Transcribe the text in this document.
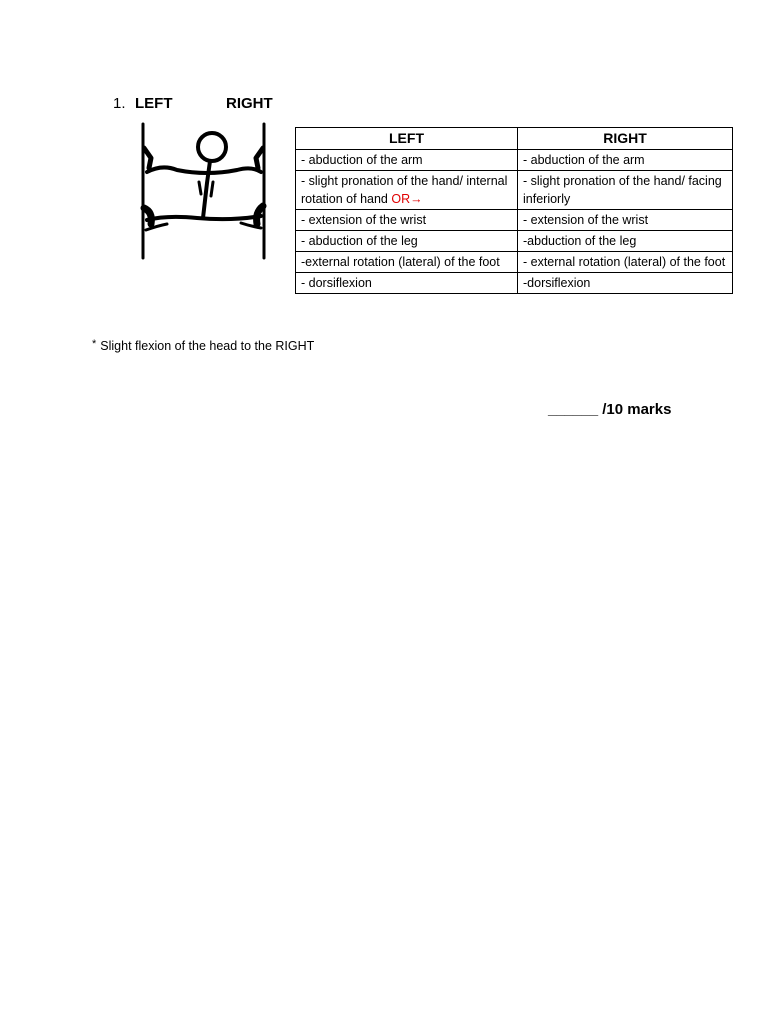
1. LEFT	RIGHT
LEFT	RIGHT
- abduction of the arm	- abduction of the arm
- slight pronation of the hand/ internal rotation of hand OR→	- slight pronation of the hand/ facing inferiorly
- extension of the wrist	- extension of the wrist
- abduction of the leg	-abduction of the leg
-external rotation (lateral) of the foot	- external rotation (lateral) of the foot
- dorsiflexion	-dorsiflexion
* Slight flexion of the head to the RIGHT
______ /10 marks
